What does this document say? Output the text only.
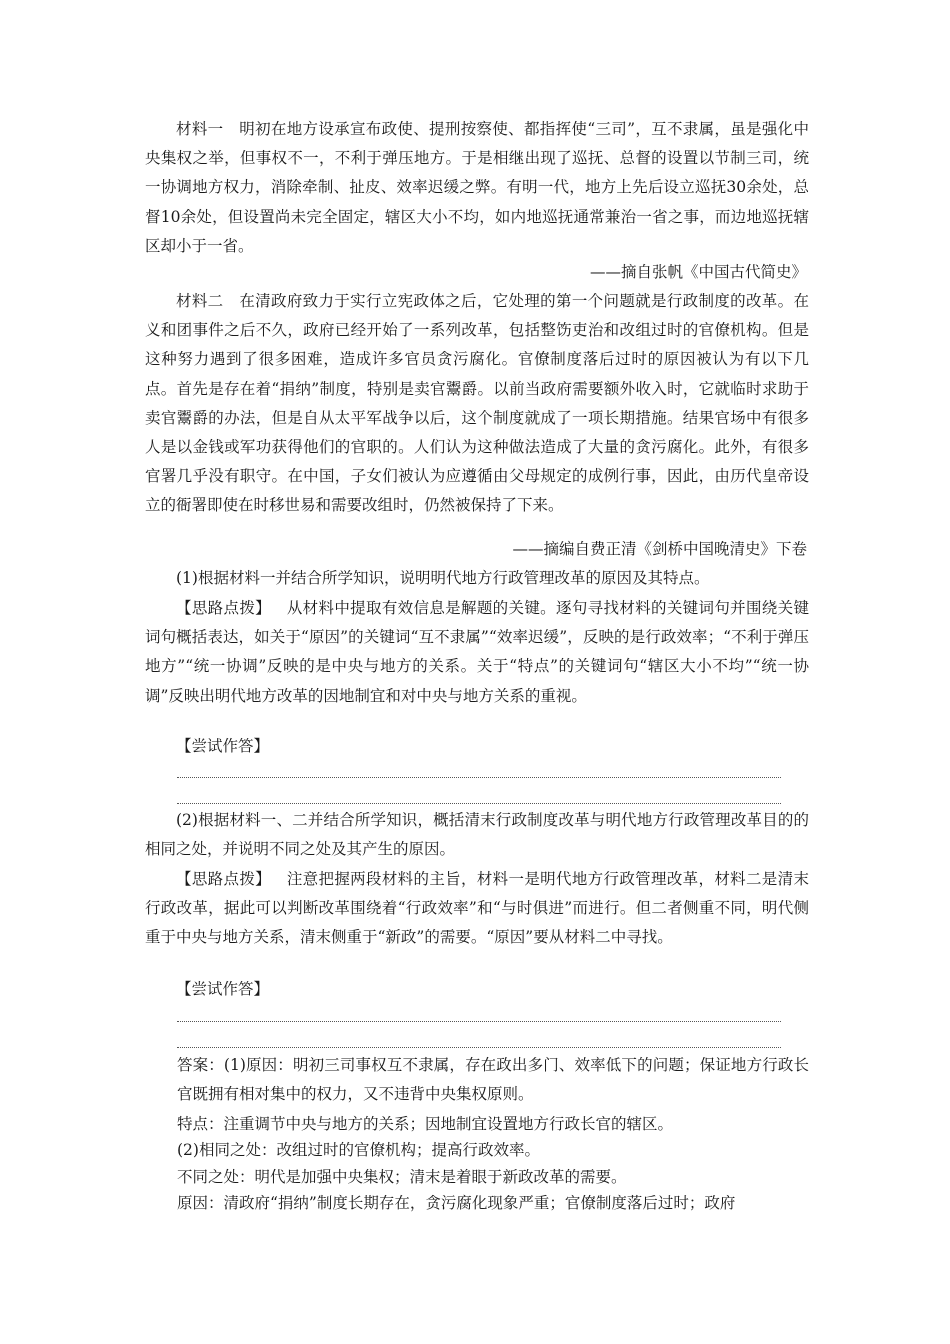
材料一 明初在地方设承宣布政使、提刑按察使、都指挥使“三司”，互不隶属，虽是强化中央集权之举，但事权不一，不利于弹压地方。于是相继出现了巡抚、总督的设置以节制三司，统一协调地方权力，消除牵制、扯皮、效率迟缓之弊。有明一代，地方上先后设立巡抚30余处，总督10余处，但设置尚未完全固定，辖区大小不均，如内地巡抚通常兼治一省之事，而边地巡抚辖区却小于一省。

——摘自张帆《中国古代简史》

材料二 在清政府致力于实行立宪政体之后，它处理的第一个问题就是行政制度的改革。在义和团事件之后不久，政府已经开始了一系列改革，包括整饬吏治和改组过时的官僚机构。但是这种努力遇到了很多困难，造成许多官员贪污腐化。官僚制度落后过时的原因被认为有以下几点。首先是存在着“捐纳”制度，特别是卖官鬻爵。以前当政府需要额外收入时，它就临时求助于卖官鬻爵的办法，但是自从太平军战争以后，这个制度就成了一项长期措施。结果官场中有很多人是以金钱或军功获得他们的官职的。人们认为这种做法造成了大量的贪污腐化。此外，有很多官署几乎没有职守。在中国，子女们被认为应遵循由父母规定的成例行事，因此，由历代皇帝设立的衙署即使在时移世易和需要改组时，仍然被保持了下来。

——摘编自费正清《剑桥中国晚清史》下卷

(1)根据材料一并结合所学知识，说明明代地方行政管理改革的原因及其特点。

【思路点拨】 从材料中提取有效信息是解题的关键。逐句寻找材料的关键词句并围绕关键词句概括表达，如关于“原因”的关键词“互不隶属”“效率迟缓”，反映的是行政效率；“不利于弹压地方”“统一协调”反映的是中央与地方的关系。关于“特点”的关键词句“辖区大小不均”“统一协调”反映出明代地方改革的因地制宜和对中央与地方关系的重视。

【尝试作答】

(2)根据材料一、二并结合所学知识，概括清末行政制度改革与明代地方行政管理改革目的的相同之处，并说明不同之处及其产生的原因。

【思路点拨】 注意把握两段材料的主旨，材料一是明代地方行政管理改革，材料二是清末行政改革，据此可以判断改革围绕着“行政效率”和“与时俱进”而进行。但二者侧重不同，明代侧重于中央与地方关系，清末侧重于“新政”的需要。“原因”要从材料二中寻找。

【尝试作答】

答案：(1)原因：明初三司事权互不隶属，存在政出多门、效率低下的问题；保证地方行政长官既拥有相对集中的权力，又不违背中央集权原则。

特点：注重调节中央与地方的关系；因地制宜设置地方行政长官的辖区。

(2)相同之处：改组过时的官僚机构；提高行政效率。

不同之处：明代是加强中央集权；清末是着眼于新政改革的需要。

原因：清政府“捐纳”制度长期存在，贪污腐化现象严重；官僚制度落后过时；政府
